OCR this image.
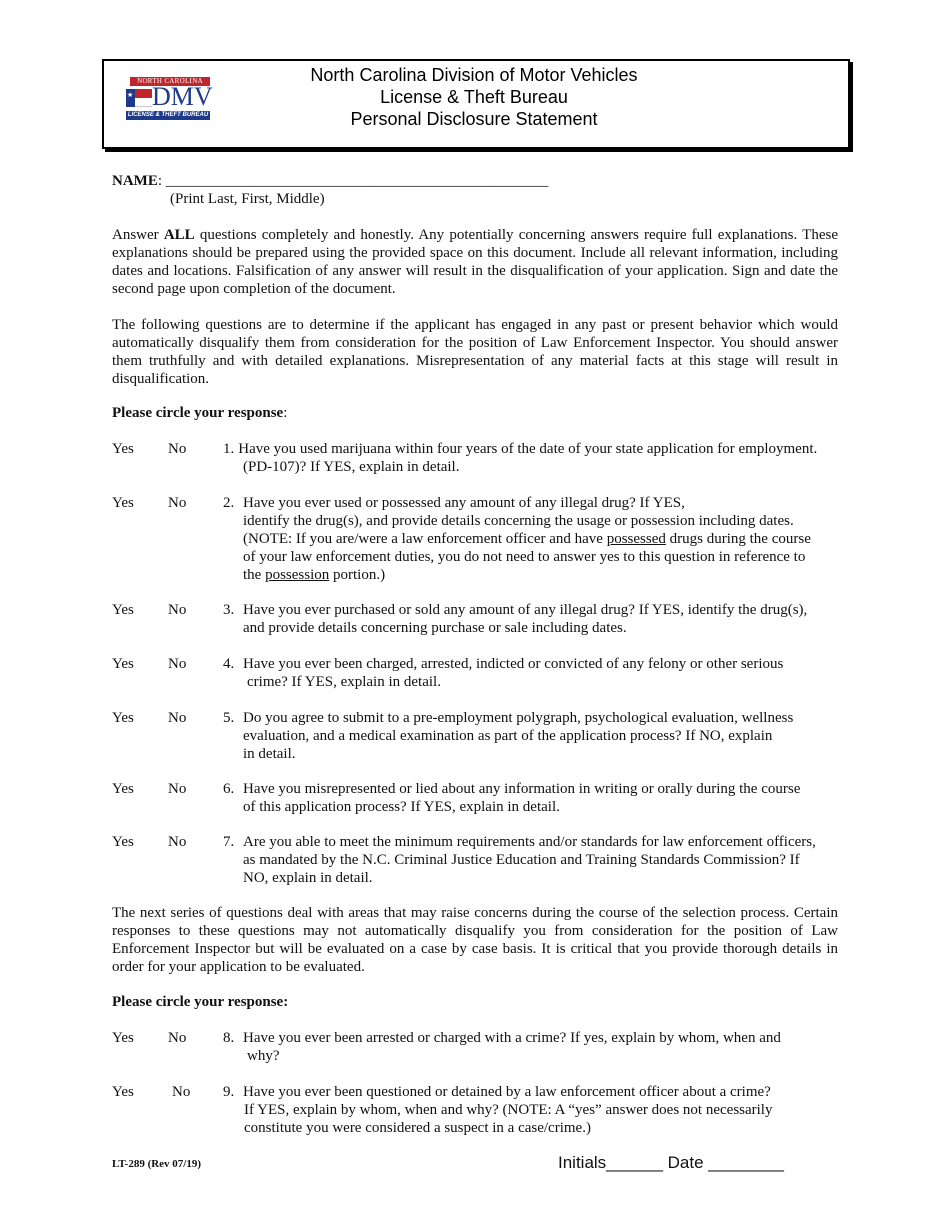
NORTH CAROLINA
★ DMV
LICENSE & THEFT BUREAU
North Carolina Division of Motor Vehicles
License & Theft Bureau
Personal Disclosure Statement
NAME: ___________________________________________________
(Print Last, First, Middle)
Answer ALL questions completely and honestly. Any potentially concerning answers require full explanations. These explanations should be prepared using the provided space on this document. Include all relevant information, including dates and locations. Falsification of any answer will result in the disqualification of your application. Sign and date the second page upon completion of the document.
The following questions are to determine if the applicant has engaged in any past or present behavior which would automatically disqualify them from consideration for the position of Law Enforcement Inspector. You should answer them truthfully and with detailed explanations. Misrepresentation of any material facts at this stage will result in disqualification.
Please circle your response:
Yes No 1. Have you used marijuana within four years of the date of your state application for employment.
(PD-107)? If YES, explain in detail.
Yes No 2. Have you ever used or possessed any amount of any illegal drug? If YES,
identify the drug(s), and provide details concerning the usage or possession including dates.
(NOTE: If you are/were a law enforcement officer and have possessed drugs during the course
of your law enforcement duties, you do not need to answer yes to this question in reference to
the possession portion.)
Yes No 3. Have you ever purchased or sold any amount of any illegal drug? If YES, identify the drug(s),
and provide details concerning purchase or sale including dates.
Yes No 4. Have you ever been charged, arrested, indicted or convicted of any felony or other serious
crime? If YES, explain in detail.
Yes No 5. Do you agree to submit to a pre-employment polygraph, psychological evaluation, wellness
evaluation, and a medical examination as part of the application process? If NO, explain
in detail.
Yes No 6. Have you misrepresented or lied about any information in writing or orally during the course
of this application process? If YES, explain in detail.
Yes No 7. Are you able to meet the minimum requirements and/or standards for law enforcement officers,
as mandated by the N.C. Criminal Justice Education and Training Standards Commission? If
NO, explain in detail.
The next series of questions deal with areas that may raise concerns during the course of the selection process. Certain responses to these questions may not automatically disqualify you from consideration for the position of Law Enforcement Inspector but will be evaluated on a case by case basis. It is critical that you provide thorough details in order for your application to be evaluated.
Please circle your response:
Yes No 8. Have you ever been arrested or charged with a crime? If yes, explain by whom, when and
why?
Yes	No 9. Have you ever been questioned or detained by a law enforcement officer about a crime?
If YES, explain by whom, when and why? (NOTE: A “yes” answer does not necessarily
constitute you were considered a suspect in a case/crime.)
LT-289 (Rev 07/19)	Initials______ Date ________
